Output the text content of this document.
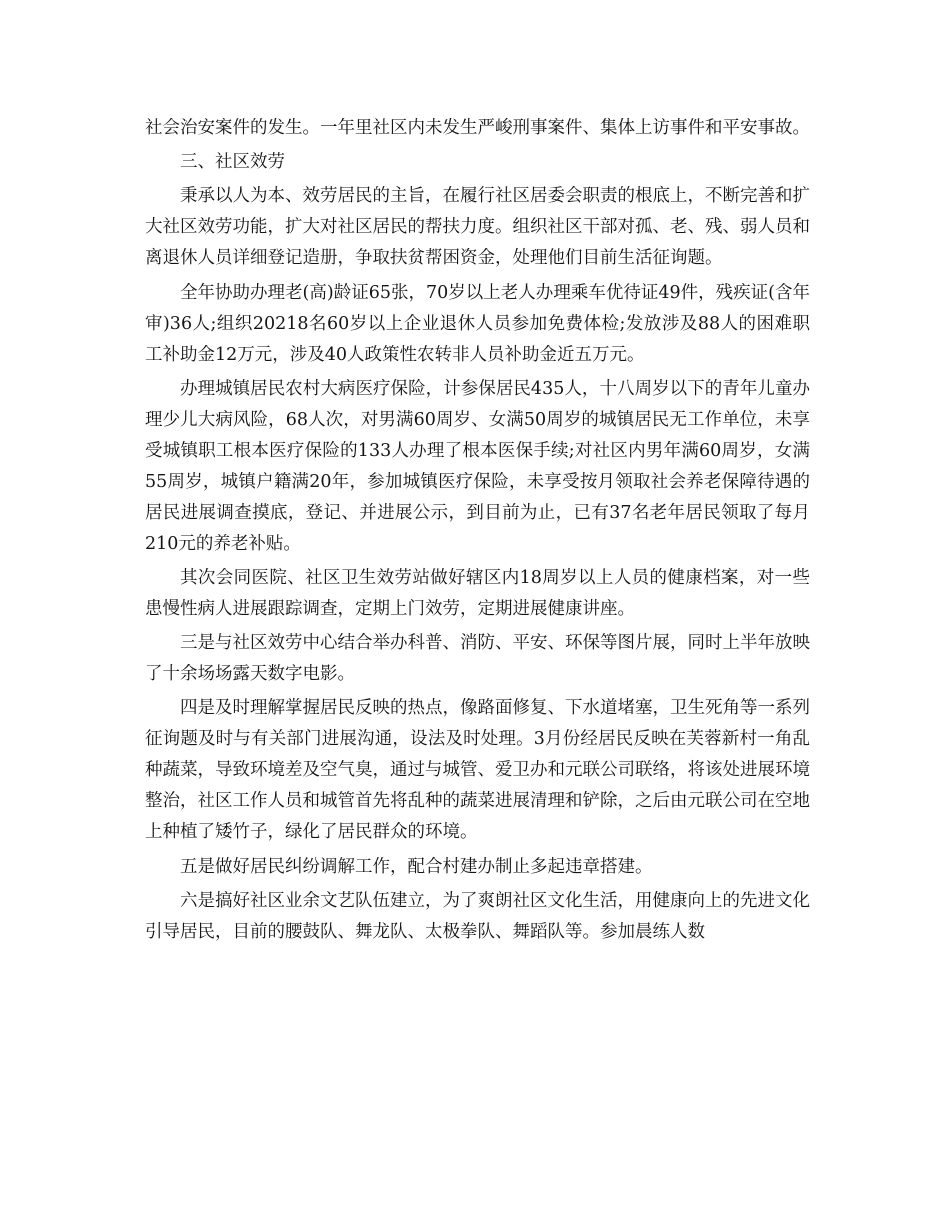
社会治安案件的发生。一年里社区内未发生严峻刑事案件、集体上访事件和平安事故。

三、社区效劳

秉承以人为本、效劳居民的主旨，在履行社区居委会职责的根底上，不断完善和扩大社区效劳功能，扩大对社区居民的帮扶力度。组织社区干部对孤、老、残、弱人员和离退休人员详细登记造册，争取扶贫帮困资金，处理他们目前生活征询题。

全年协助办理老(高)龄证65张，70岁以上老人办理乘车优待证49件，残疾证(含年审)36人;组织20218名60岁以上企业退休人员参加免费体检;发放涉及88人的困难职工补助金12万元，涉及40人政策性农转非人员补助金近五万元。

办理城镇居民农村大病医疗保险，计参保居民435人，十八周岁以下的青年儿童办理少儿大病风险，68人次，对男满60周岁、女满50周岁的城镇居民无工作单位，未享受城镇职工根本医疗保险的133人办理了根本医保手续;对社区内男年满60周岁，女满55周岁，城镇户籍满20年，参加城镇医疗保险，未享受按月领取社会养老保障待遇的居民进展调查摸底，登记、并进展公示，到目前为止，已有37名老年居民领取了每月210元的养老补贴。

其次会同医院、社区卫生效劳站做好辖区内18周岁以上人员的健康档案，对一些患慢性病人进展跟踪调查，定期上门效劳，定期进展健康讲座。

三是与社区效劳中心结合举办科普、消防、平安、环保等图片展，同时上半年放映了十余场场露天数字电影。

四是及时理解掌握居民反映的热点，像路面修复、下水道堵塞，卫生死角等一系列征询题及时与有关部门进展沟通，设法及时处理。3月份经居民反映在芙蓉新村一角乱种蔬菜，导致环境差及空气臭，通过与城管、爱卫办和元联公司联络，将该处进展环境整治，社区工作人员和城管首先将乱种的蔬菜进展清理和铲除，之后由元联公司在空地上种植了矮竹子，绿化了居民群众的环境。

五是做好居民纠纷调解工作，配合村建办制止多起违章搭建。

六是搞好社区业余文艺队伍建立，为了爽朗社区文化生活，用健康向上的先进文化引导居民，目前的腰鼓队、舞龙队、太极拳队、舞蹈队等。参加晨练人数
